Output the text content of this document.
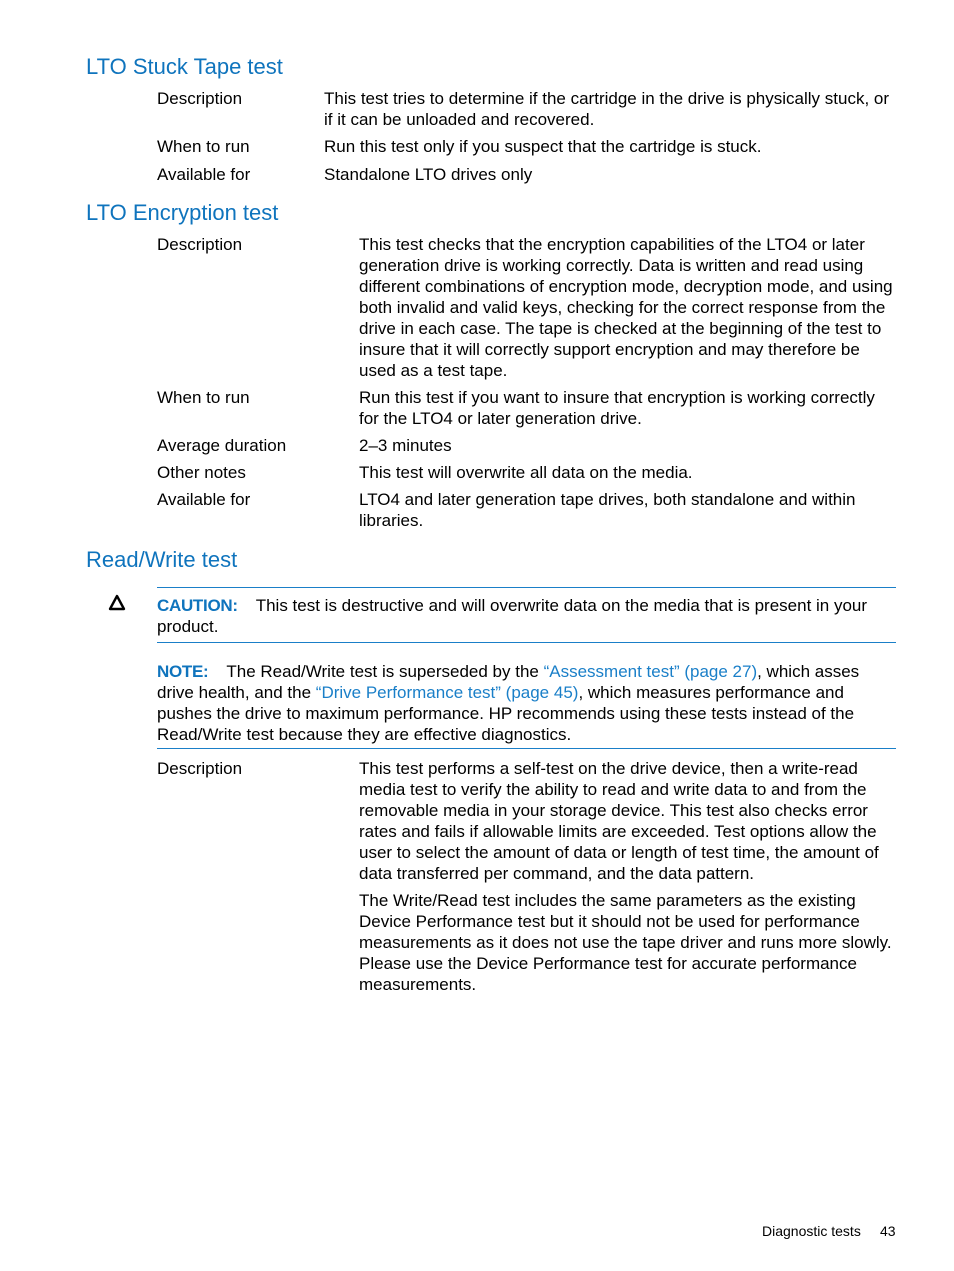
LTO Stuck Tape test
Description	This test tries to determine if the cartridge in the drive is physically stuck, or if it can be unloaded and recovered.
When to run	Run this test only if you suspect that the cartridge is stuck.
Available for	Standalone LTO drives only
LTO Encryption test
Description	This test checks that the encryption capabilities of the LTO4 or later generation drive is working correctly. Data is written and read using different combinations of encryption mode, decryption mode, and using both invalid and valid keys, checking for the correct response from the drive in each case. The tape is checked at the beginning of the test to insure that it will correctly support encryption and may therefore be used as a test tape.
When to run	Run this test if you want to insure that encryption is working correctly for the LTO4 or later generation drive.
Average duration	2–3 minutes
Other notes	This test will overwrite all data on the media.
Available for	LTO4 and later generation tape drives, both standalone and within libraries.
Read/Write test
CAUTION: This test is destructive and will overwrite data on the media that is present in your product.
NOTE: The Read/Write test is superseded by the “Assessment test” (page 27), which asses drive health, and the “Drive Performance test” (page 45), which measures performance and pushes the drive to maximum performance. HP recommends using these tests instead of the Read/Write test because they are effective diagnostics.
Description	This test performs a self-test on the drive device, then a write-read media test to verify the ability to read and write data to and from the removable media in your storage device. This test also checks error rates and fails if allowable limits are exceeded. Test options allow the user to select the amount of data or length of test time, the amount of data transferred per command, and the data pattern.
The Write/Read test includes the same parameters as the existing Device Performance test but it should not be used for performance measurements as it does not use the tape driver and runs more slowly. Please use the Device Performance test for accurate performance measurements.
Diagnostic tests 43
